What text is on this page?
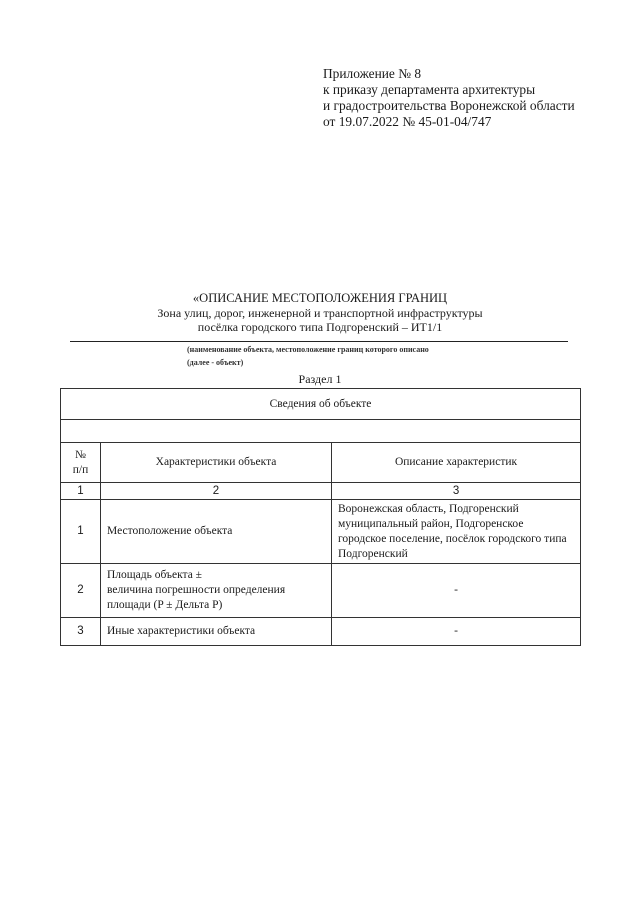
Приложение № 8
к приказу департамента архитектуры
и градостроительства Воронежской области
от 19.07.2022 № 45-01-04/747
«ОПИСАНИЕ МЕСТОПОЛОЖЕНИЯ ГРАНИЦ
Зона улиц, дорог, инженерной и транспортной инфраструктуры
посёлка городского типа Подгоренский – ИТ1/1
(наименование объекта, местоположение границ которого описано
(далее - объект)
Раздел 1
Сведения об объекте		

№
п/п	Характеристики объекта	Описание характеристик
1	2	3
1	Местоположение объекта	Воронежская область, Подгоренский муниципальный район, Подгоренское городское поселение, посёлок городского типа Подгоренский
2	Площадь объекта ±
величина погрешности определения площади (P ± Дельта P)	-
3	Иные характеристики объекта	-
